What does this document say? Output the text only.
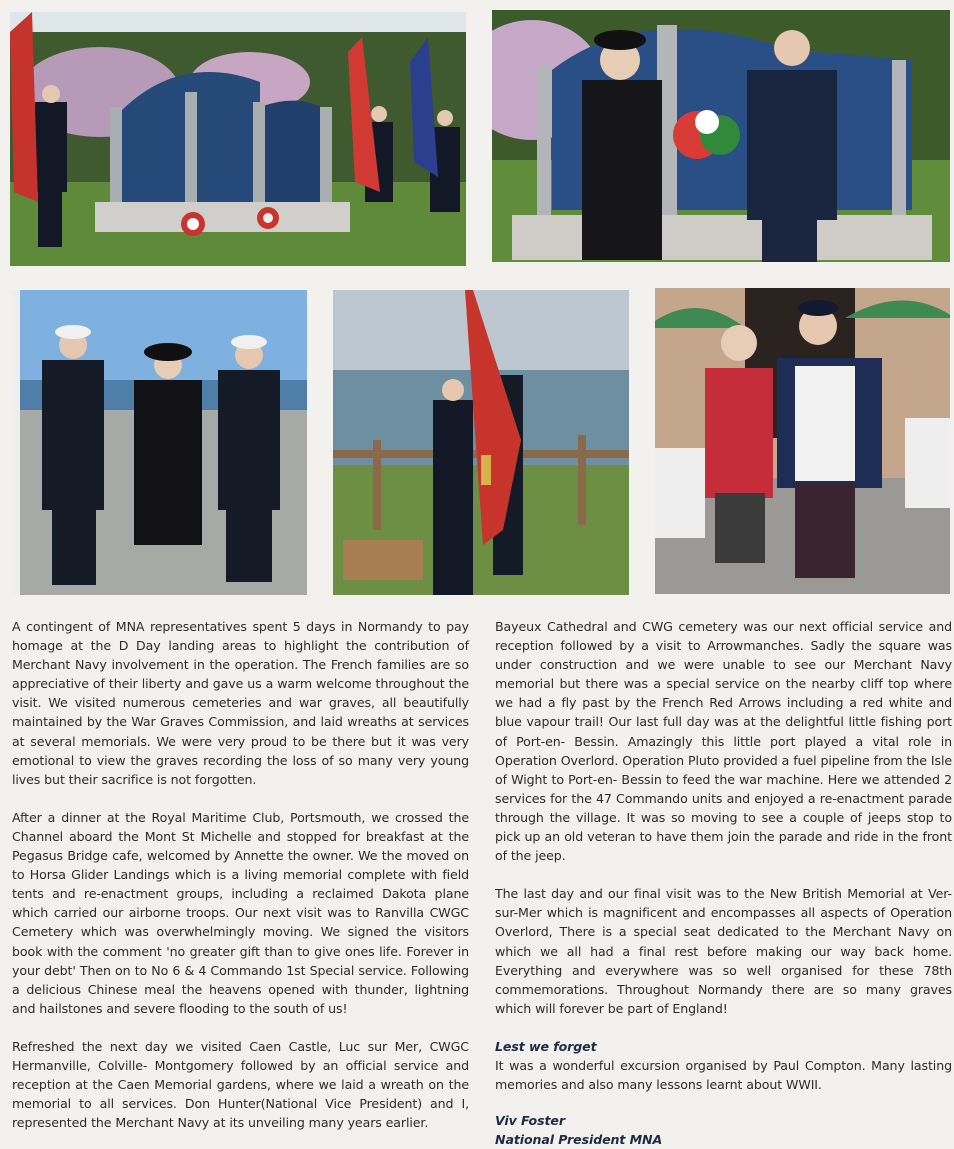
A contingent of MNA representatives spent 5 days in Normandy to pay homage at the D Day landing areas to highlight the contribution of Merchant Navy involvement in the operation. The French families are so appreciative of their liberty and gave us a warm welcome throughout the visit. We visited numerous cemeteries and war graves, all beautifully maintained by the War Graves Commission, and laid wreaths at services at several memorials. We were very proud to be there but it was very emotional to view the graves recording the loss of so many very young lives but their sacrifice is not forgotten.

After a dinner at the Royal Maritime Club, Portsmouth, we crossed the Channel aboard the Mont St Michelle and stopped for breakfast at the Pegasus Bridge cafe, welcomed by Annette the owner. We the moved on to Horsa Glider Landings which is a living memorial complete with field tents and re-enactment groups, including a reclaimed Dakota plane which carried our airborne troops. Our next visit was to Ranvilla CWGC Cemetery which was overwhelmingly moving. We signed the visitors book with the comment 'no greater gift than to give ones life. Forever in your debt' Then on to No 6 & 4 Commando 1st Special service. Following a delicious Chinese meal the heavens opened with thunder, lightning and hailstones and severe flooding to the south of us!

Refreshed the next day we visited Caen Castle, Luc sur Mer, CWGC Hermanville, Colville- Montgomery followed by an official service and reception at the Caen Memorial gardens, where we laid a wreath on the memorial to all services. Don Hunter(National Vice President) and I, represented the Merchant Navy at its unveiling many years earlier.

Bayeux Cathedral and CWG cemetery was our next official service and reception followed by a visit to Arrowmanches. Sadly the square was under construction and we were unable to see our Merchant Navy memorial but there was a special service on the nearby cliff top where we had a fly past by the French Red Arrows including a red white and blue vapour trail! Our last full day was at the delightful little fishing port of Port-en- Bessin. Amazingly this little port played a vital role in Operation Overlord. Operation Pluto provided a fuel pipeline from the Isle of Wight to Port-en- Bessin to feed the war machine. Here we attended 2 services for the 47 Commando units and enjoyed a re-enactment parade through the village. It was so moving to see a couple of jeeps stop to pick up an old veteran to have them join the parade and ride in the front of the jeep.

The last day and our final visit was to the New British Memorial at Ver-sur-Mer which is magnificent and encompasses all aspects of Operation Overlord, There is a special seat dedicated to the Merchant Navy on which we all had a final rest before making our way back home. Everything and everywhere was so well organised for these 78th commemorations. Throughout Normandy there are so many graves which will forever be part of England!

Lest we forget
It was a wonderful excursion organised by Paul Compton. Many lasting memories and also many lessons learnt about WWII.
Viv Foster
National President MNA
